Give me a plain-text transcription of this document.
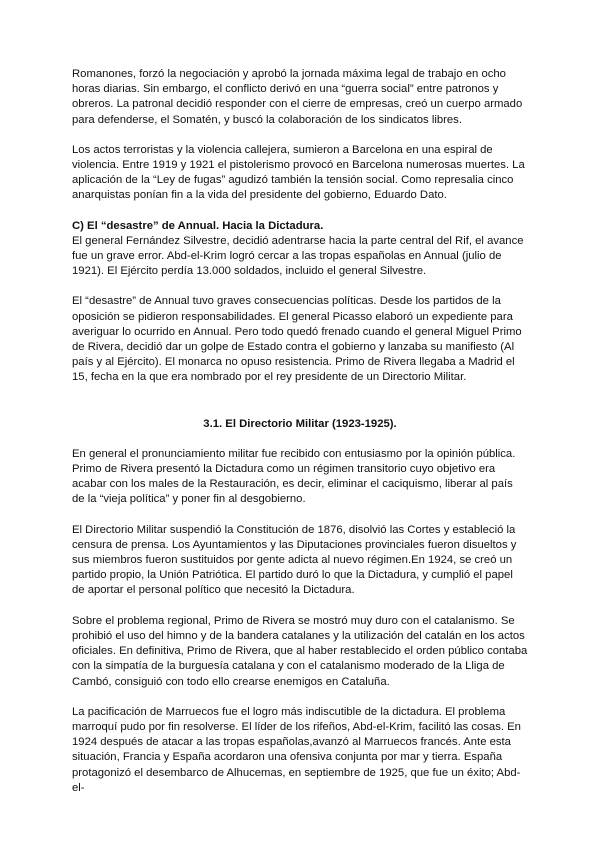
Romanones, forzó la negociación y aprobó la jornada máxima legal de trabajo en ocho horas diarias. Sin embargo, el conflicto derivó en una “guerra social” entre patronos y obreros. La patronal decidió responder con el cierre de empresas, creó un cuerpo armado para defenderse, el Somatén, y buscó la colaboración de los sindicatos libres.

Los actos terroristas y la violencia callejera, sumieron a Barcelona en una espiral de violencia. Entre 1919 y 1921 el pistolerismo provocó en Barcelona numerosas muertes. La aplicación de la “Ley de fugas” agudizó también la tensión social. Como represalia cinco anarquistas ponían fin a la vida del presidente del gobierno, Eduardo Dato.

C) El “desastre” de Annual. Hacia la Dictadura.

El general Fernández Silvestre, decidió adentrarse hacia la parte central del Rif, el avance fue un grave error. Abd-el-Krim logró cercar a las tropas españolas en Annual (julio de 1921). El Ejército perdía 13.000 soldados, incluido el general Silvestre.

El “desastre” de Annual tuvo graves consecuencias políticas. Desde los partidos de la oposición se pidieron responsabilidades. El general Picasso elaboró un expediente para averiguar lo ocurrido en Annual. Pero todo quedó frenado cuando el general Miguel Primo de Rivera, decidió dar un golpe de Estado contra el gobierno y lanzaba su manifiesto (Al país y al Ejército). El monarca no opuso resistencia. Primo de Rivera llegaba a Madrid el 15, fecha en la que era nombrado por el rey presidente de un Directorio Militar.

3.1. El Directorio Militar (1923-1925).

En general el pronunciamiento militar fue recibido con entusiasmo por la opinión pública. Primo de Rivera presentó la Dictadura como un régimen transitorio cuyo objetivo era acabar con los males de la Restauración, es decir, eliminar el caciquismo, liberar al país de la “vieja política” y poner fin al desgobierno.

El Directorio Militar suspendió la Constitución de 1876, disolvió las Cortes y estableció la censura de prensa. Los Ayuntamientos y las Diputaciones provinciales fueron disueltos y sus miembros fueron sustituidos por gente adicta al nuevo régimen.En 1924, se creó un partido propio, la Unión Patriótica. El partido duró lo que la Dictadura, y cumplió el papel de aportar el personal político que necesitó la Dictadura.

Sobre el problema regional, Primo de Rivera se mostró muy duro con el catalanismo. Se prohibió el uso del himno y de la bandera catalanes y la utilización del catalán en los actos oficiales. En definitiva, Primo de Rivera, que al haber restablecido el orden público contaba con la simpatía de la burguesía catalana y con el catalanismo moderado de la Lliga de Cambó, consiguió con todo ello crearse enemigos en Cataluña.

La pacificación de Marruecos fue el logro más indiscutible de la dictadura. El problema marroquí pudo por fin resolverse. El líder de los rifeños, Abd-el-Krim, facilitó las cosas. En 1924 después de atacar a las tropas españolas,avanzó al Marruecos francés. Ante esta situación, Francia y España acordaron una ofensiva conjunta por mar y tierra. España protagonizó el desembarco de Alhucemas, en septiembre de 1925, que fue un éxito; Abd-el-
